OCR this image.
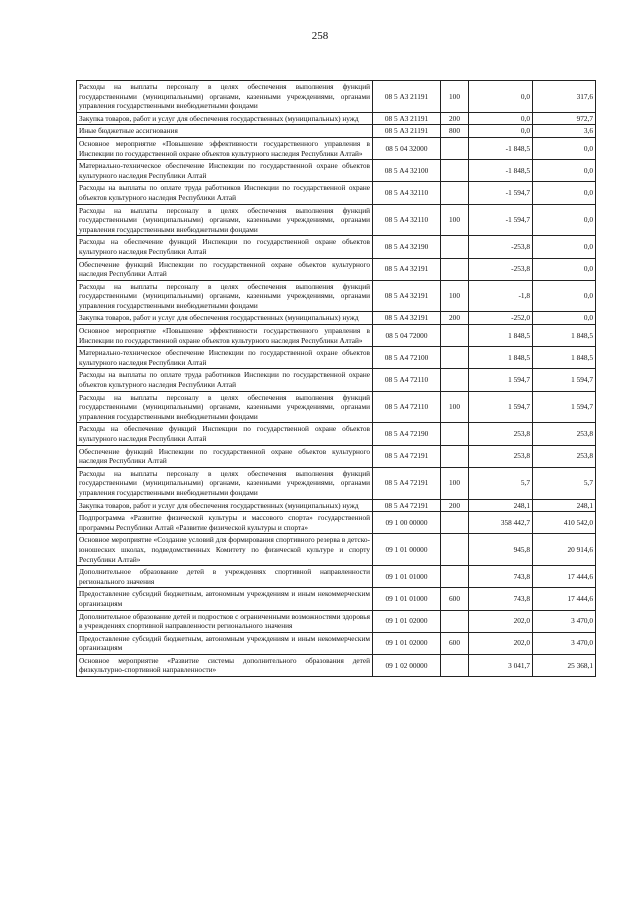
258
Расходы на выплаты персоналу в целях обеспечения выполнения функций государственными (муниципальными) органами, казенными учреждениями, органами управления государственными внебюджетными фондами	08 5 А3 21191	100	0,0	317,6
Закупка товаров, работ и услуг для обеспечения государственных (муниципальных) нужд	08 5 А3 21191	200	0,0	972,7
Иные бюджетные ассигнования	08 5 А3 21191	800	0,0	3,6
Основное мероприятие «Повышение эффективности государственного управления в Инспекции по государственной охране объектов культурного наследия Республики Алтай»	08 5 04 32000		-1 848,5	0,0
Материально-техническое обеспечение Инспекции по государственной охране объектов культурного наследия Республики Алтай	08 5 А4 32100		-1 848,5	0,0
Расходы на выплаты по оплате труда работников Инспекции по государственной охране объектов культурного наследия Республики Алтай	08 5 А4 32110		-1 594,7	0,0
Расходы на выплаты персоналу в целях обеспечения выполнения функций государственными (муниципальными) органами, казенными учреждениями, органами управления государственными внебюджетными фондами	08 5 А4 32110	100	-1 594,7	0,0
Расходы на обеспечение функций Инспекции по государственной охране объектов культурного наследия Республики Алтай	08 5 А4 32190		-253,8	0,0
Обеспечение функций Инспекции по государственной охране объектов культурного наследия Республики Алтай	08 5 А4 32191		-253,8	0,0
Расходы на выплаты персоналу в целях обеспечения выполнения функций государственными (муниципальными) органами, казенными учреждениями, органами управления государственными внебюджетными фондами	08 5 А4 32191	100	-1,8	0,0
Закупка товаров, работ и услуг для обеспечения государственных (муниципальных) нужд	08 5 А4 32191	200	-252,0	0,0
Основное мероприятие «Повышение эффективности государственного управления в Инспекции по государственной охране объектов культурного наследия Республики Алтай»	08 5 04 72000		1 848,5	1 848,5
Материально-техническое обеспечение Инспекции по государственной охране объектов культурного наследия Республики Алтай	08 5 А4 72100		1 848,5	1 848,5
Расходы на выплаты по оплате труда работников Инспекции по государственной охране объектов культурного наследия Республики Алтай	08 5 А4 72110		1 594,7	1 594,7
Расходы на выплаты персоналу в целях обеспечения выполнения функций государственными (муниципальными) органами, казенными учреждениями, органами управления государственными внебюджетными фондами	08 5 А4 72110	100	1 594,7	1 594,7
Расходы на обеспечение функций Инспекции по государственной охране объектов культурного наследия Республики Алтай	08 5 А4 72190		253,8	253,8
Обеспечение функций Инспекции по государственной охране объектов культурного наследия Республики Алтай	08 5 А4 72191		253,8	253,8
Расходы на выплаты персоналу в целях обеспечения выполнения функций государственными (муниципальными) органами, казенными учреждениями, органами управления государственными внебюджетными фондами	08 5 А4 72191	100	5,7	5,7
Закупка товаров, работ и услуг для обеспечения государственных (муниципальных) нужд	08 5 А4 72191	200	248,1	248,1
Подпрограмма «Развитие физической культуры и массового спорта» государственной программы Республики Алтай «Развитие физической культуры и спорта»	09 1 00 00000		358 442,7	410 542,0
Основное мероприятие «Создание условий для формирования спортивного резерва в детско-юношеских школах, подведомственных Комитету по физической культуре и спорту Республики Алтай»	09 1 01 00000		945,8	20 914,6
Дополнительное образование детей в учреждениях спортивной направленности регионального значения	09 1 01 01000		743,8	17 444,6
Предоставление субсидий бюджетным, автономным учреждениям и иным некоммерческим организациям	09 1 01 01000	600	743,8	17 444,6
Дополнительное образование детей и подростков с ограниченными возможностями здоровья в учреждениях спортивной направленности регионального значения	09 1 01 02000		202,0	3 470,0
Предоставление субсидий бюджетным, автономным учреждениям и иным некоммерческим организациям	09 1 01 02000	600	202,0	3 470,0
Основное мероприятие «Развитие системы дополнительного образования детей физкультурно-спортивной направленности»	09 1 02 00000		3 041,7	25 368,1
